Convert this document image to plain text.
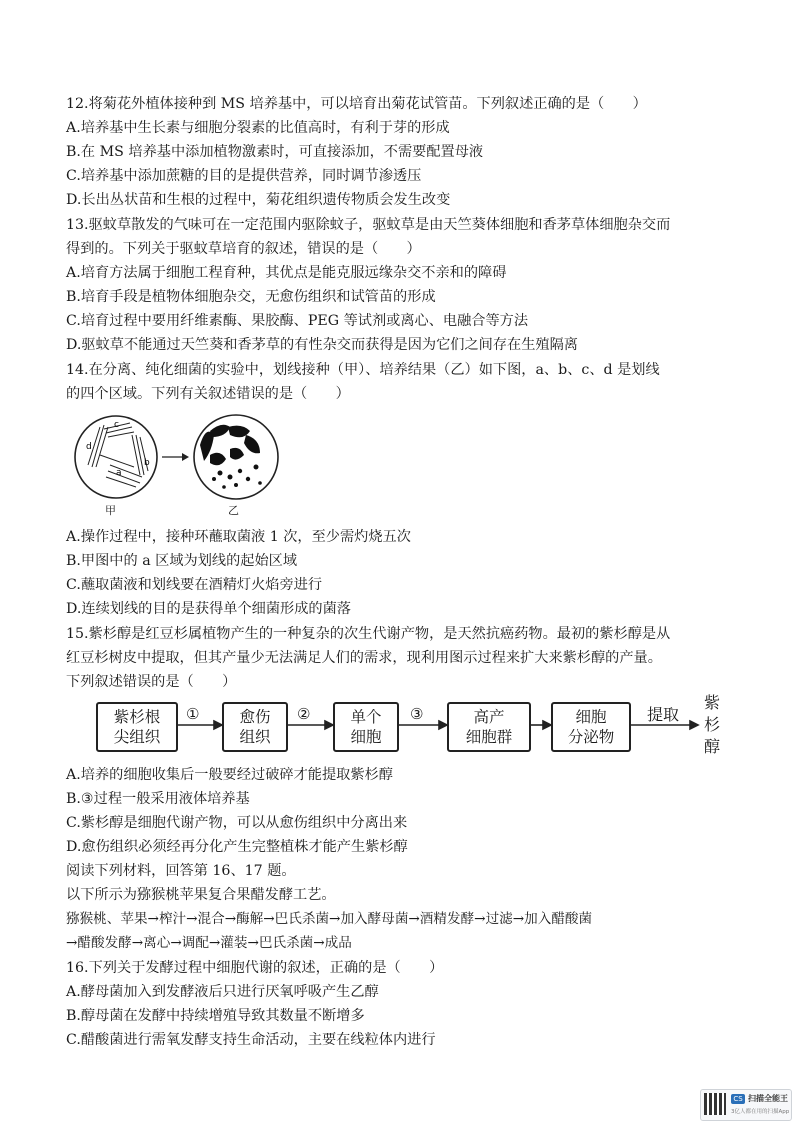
12.将菊花外植体接种到 MS 培养基中，可以培育出菊花试管苗。下列叙述正确的是（　　）
A.培养基中生长素与细胞分裂素的比值高时，有利于芽的形成
B.在 MS 培养基中添加植物激素时，可直接添加，不需要配置母液
C.培养基中添加蔗糖的目的是提供营养，同时调节渗透压
D.长出丛状苗和生根的过程中，菊花组织遗传物质会发生改变
13.驱蚊草散发的气味可在一定范围内驱除蚊子，驱蚊草是由天竺葵体细胞和香茅草体细胞杂交而
得到的。下列关于驱蚊草培育的叙述，错误的是（　　）
A.培育方法属于细胞工程育种，其优点是能克服远缘杂交不亲和的障碍
B.培育手段是植物体细胞杂交，无愈伤组织和试管苗的形成
C.培育过程中要用纤维素酶、果胶酶、PEG 等试剂或离心、电融合等方法
D.驱蚊草不能通过天竺葵和香茅草的有性杂交而获得是因为它们之间存在生殖隔离
14.在分离、纯化细菌的实验中，划线接种（甲）、培养结果（乙）如下图，a、b、c、d 是划线
的四个区域。下列有关叙述错误的是（　　）
d
c
b
a
甲	乙
A.操作过程中，接种环蘸取菌液 1 次，至少需灼烧五次
B.甲图中的 a 区域为划线的起始区域
C.蘸取菌液和划线要在酒精灯火焰旁进行
D.连续划线的目的是获得单个细菌形成的菌落
15.紫杉醇是红豆杉属植物产生的一种复杂的次生代谢产物，是天然抗癌药物。最初的紫杉醇是从
红豆杉树皮中提取，但其产量少无法满足人们的需求，现利用图示过程来扩大来紫杉醇的产量。
下列叙述错误的是（　　）
紫杉根
尖组织
愈伤
组织
单个
细胞
高产
细胞群
细胞
分泌物
①	②	③	提取
紫
杉
醇
A.培养的细胞收集后一般要经过破碎才能提取紫杉醇
B.③过程一般采用液体培养基
C.紫杉醇是细胞代谢产物，可以从愈伤组织中分离出来
D.愈伤组织必须经再分化产生完整植株才能产生紫杉醇
阅读下列材料，回答第 16、17 题。
以下所示为猕猴桃苹果复合果醋发酵工艺。
猕猴桃、苹果→榨汁→混合→酶解→巴氏杀菌→加入酵母菌→酒精发酵→过滤→加入醋酸菌
→醋酸发酵→离心→调配→灌装→巴氏杀菌→成品
16.下列关于发酵过程中细胞代谢的叙述，正确的是（　　）
A.酵母菌加入到发酵液后只进行厌氧呼吸产生乙醇
B.醇母菌在发酵中持续增殖导致其数量不断增多
C.醋酸菌进行需氧发酵支持生命活动，主要在线粒体内进行
CS 扫描全能王
3亿人都在用的扫描App
